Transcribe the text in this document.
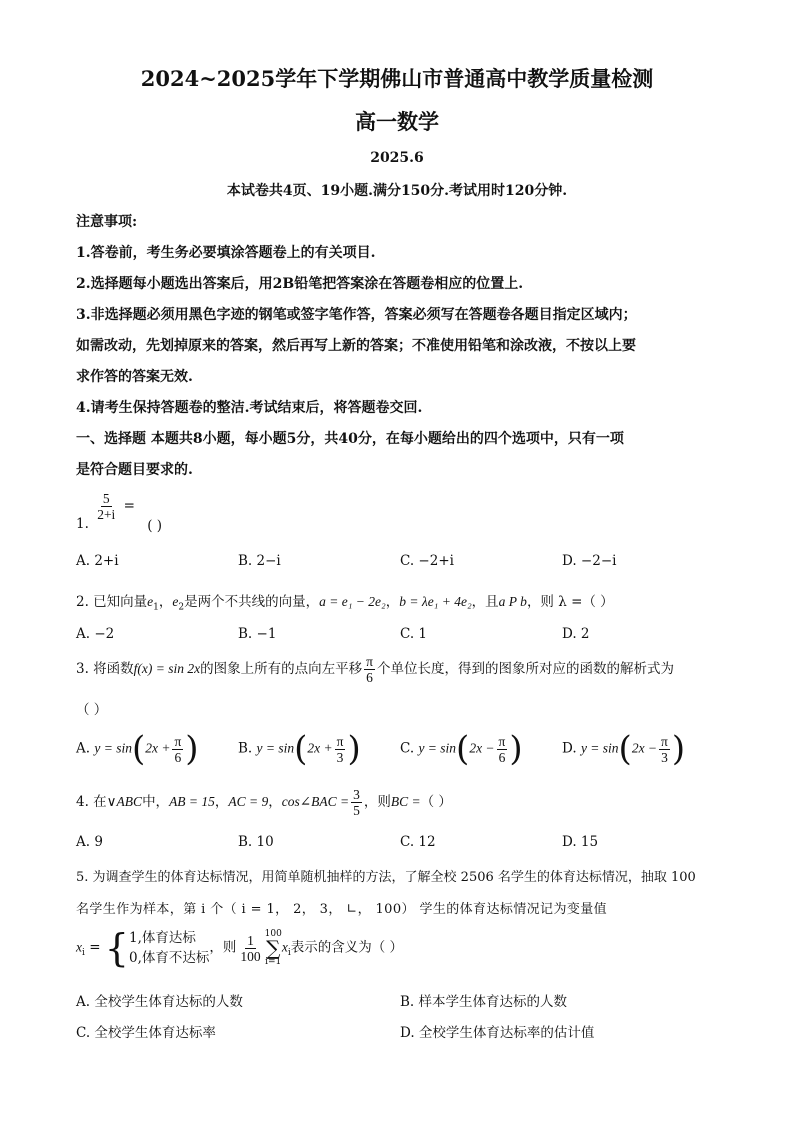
2024~2025学年下学期佛山市普通高中教学质量检测
高一数学
2025.6
本试卷共4页、19小题.满分150分.考试用时120分钟.
注意事项:
1.答卷前，考生务必要填涂答题卷上的有关项目.
2.选择题每小题选出答案后，用2B铅笔把答案涂在答题卷相应的位置上.
3.非选择题必须用黑色字迹的钢笔或签字笔作答，答案必须写在答题卷各题目指定区域内；
如需改动，先划掉原来的答案，然后再写上新的答案；不准使用铅笔和涂改液，不按以上要
求作答的答案无效.
4.请考生保持答题卷的整洁.考试结束后，将答题卷交回.
一、选择题 本题共8小题，每小题5分，共40分，在每小题给出的四个选项中，只有一项
是符合题目要求的.
1.
$\frac{5}{2+i}$ = ( )
A. 2+i	B. 2−i	C. −2+i	D. −2−i
2. 已知向量$e_1$，$e_2$是两个不共线的向量，a = e₁ − 2e₂，b = λe₁ + 4e₂，且a P b，则 λ =（ ）
A. −2	B. −1	C. 1	D. 2
3. 将函数f(x) = sin 2x的图象上所有的点向左平移 $\frac{\pi}{6}$ 个单位长度，得到的图象所对应的函数的解析式为
（ ）
A. $y = \sin(2x + \frac{\pi}{6}$ )	B. $y = \sin(2x + \frac{\pi}{3}$ )	C. $y = \sin(2x - \frac{\pi}{6}$ )	D. $y = \sin(2x - \frac{\pi}{3}$ )
4. 在∨ABC中，AB = 15，AC = 9，cos∠BAC = $\frac{3}{5}$ ，则BC =（ ）
A. 9	B. 10	C. 12	D. 15
5. 为调查学生的体育达标情况，用简单随机抽样的方法，了解全校 2506 名学生的体育达标情况，抽取 100
名学生作为样本，第 i 个（ i = 1， 2， 3， ∟， 100） 学生的体育达标情况记为变量值
$x_i$ = { 1,体育达标
0,体育不达标
，则 $\frac{1}{100} 100$
∑
i=1
$x_i$表示的含义为（ ）
A. 全校学生体育达标的人数	B. 样本学生体育达标的人数
C. 全校学生体育达标率	D. 全校学生体育达标率的估计值
